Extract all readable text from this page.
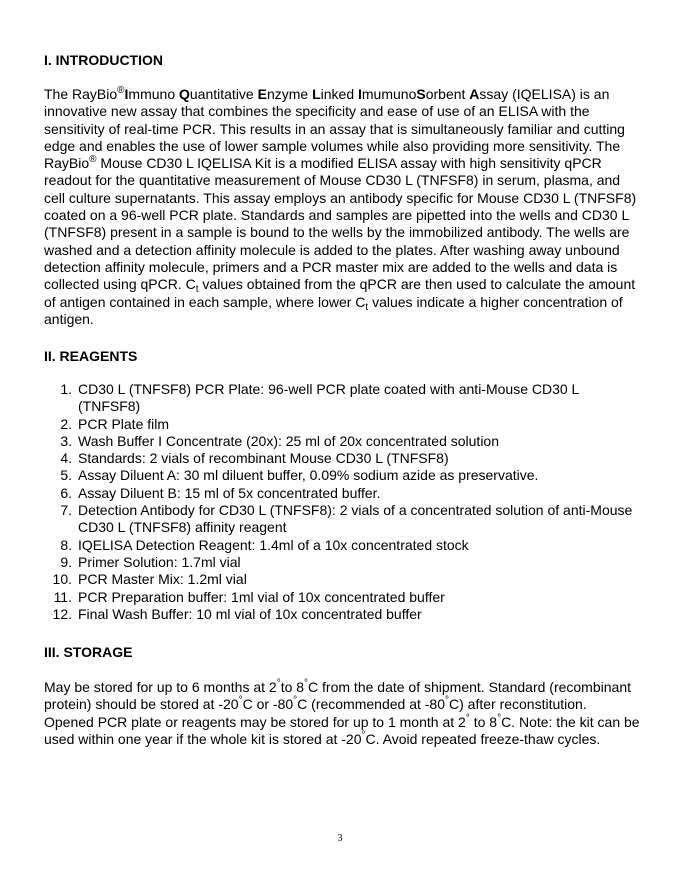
I. INTRODUCTION

The RayBio®Immuno Quantitative Enzyme Linked ImumunoSorbent Assay (IQELISA) is an innovative new assay that combines the specificity and ease of use of an ELISA with the sensitivity of real-time PCR. This results in an assay that is simultaneously familiar and cutting edge and enables the use of lower sample volumes while also providing more sensitivity. The RayBio® Mouse CD30 L IQELISA Kit is a modified ELISA assay with high sensitivity qPCR readout for the quantitative measurement of Mouse CD30 L (TNFSF8) in serum, plasma, and cell culture supernatants. This assay employs an antibody specific for Mouse CD30 L (TNFSF8) coated on a 96-well PCR plate. Standards and samples are pipetted into the wells and CD30 L (TNFSF8) present in a sample is bound to the wells by the immobilized antibody. The wells are washed and a detection affinity molecule is added to the plates. After washing away unbound detection affinity molecule, primers and a PCR master mix are added to the wells and data is collected using qPCR. $C_t$ values obtained from the qPCR are then used to calculate the amount of antigen contained in each sample, where lower $C_t$ values indicate a higher concentration of antigen.

II. REAGENTS
1. CD30 L (TNFSF8) PCR Plate: 96-well PCR plate coated with anti-Mouse CD30 L (TNFSF8)
2. PCR Plate film
3. Wash Buffer I Concentrate (20x): 25 ml of 20x concentrated solution
4. Standards: 2 vials of recombinant Mouse CD30 L (TNFSF8)
5. Assay Diluent A: 30 ml diluent buffer, 0.09% sodium azide as preservative.
6. Assay Diluent B: 15 ml of 5x concentrated buffer.
7. Detection Antibody for CD30 L (TNFSF8): 2 vials of a concentrated solution of anti-Mouse CD30 L (TNFSF8) affinity reagent
8. IQELISA Detection Reagent: 1.4ml of a 10x concentrated stock
9. Primer Solution: 1.7ml vial
10. PCR Master Mix: 1.2ml vial
11. PCR Preparation buffer: 1ml vial of 10x concentrated buffer
12. Final Wash Buffer: 10 ml vial of 10x concentrated buffer
III. STORAGE

May be stored for up to 6 months at 2°to 8°C from the date of shipment. Standard (recombinant protein) should be stored at -20°C or -80°C (recommended at -80°C) after reconstitution. Opened PCR plate or reagents may be stored for up to 1 month at 2° to 8°C. Note: the kit can be used within one year if the whole kit is stored at -20°C. Avoid repeated freeze-thaw cycles.

3
